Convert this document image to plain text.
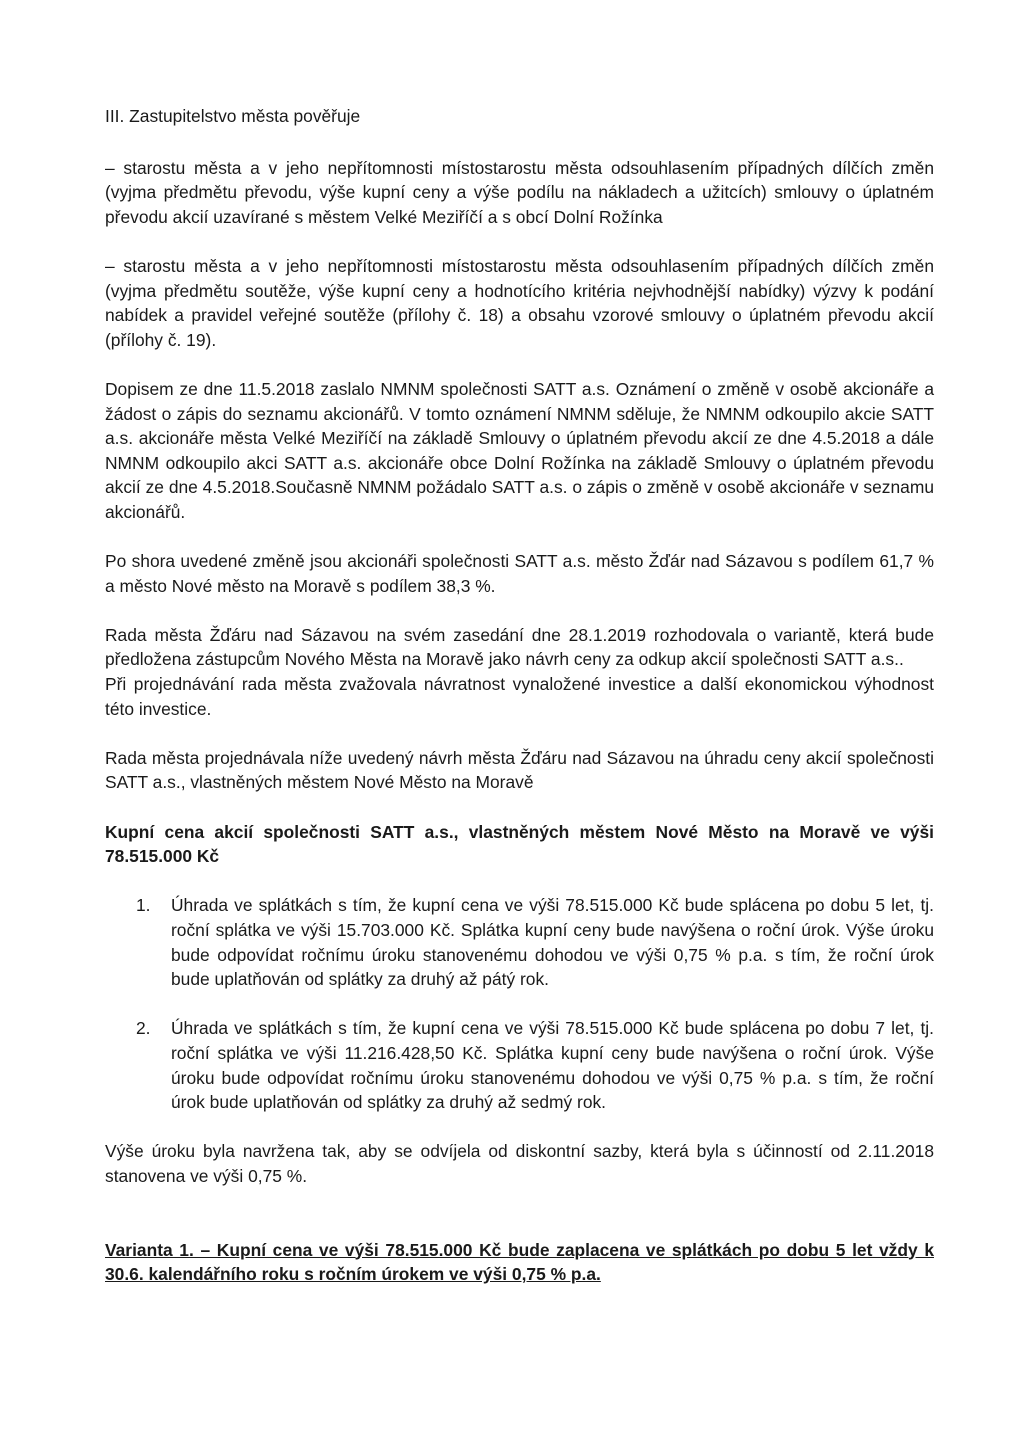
III. Zastupitelstvo města pověřuje

– starostu města a v jeho nepřítomnosti místostarostu města odsouhlasením případných dílčích změn (vyjma předmětu převodu, výše kupní ceny a výše podílu na nákladech a užitcích) smlouvy o úplatném převodu akcií uzavírané s městem Velké Meziříčí a s obcí Dolní Rožínka

– starostu města a v jeho nepřítomnosti místostarostu města odsouhlasením případných dílčích změn (vyjma předmětu soutěže, výše kupní ceny a hodnotícího kritéria nejvhodnější nabídky) výzvy k podání nabídek a pravidel veřejné soutěže (přílohy č. 18) a obsahu vzorové smlouvy o úplatném převodu akcií (přílohy č. 19).

Dopisem ze dne 11.5.2018 zaslalo NMNM společnosti SATT a.s. Oznámení o změně v osobě akcionáře a žádost o zápis do seznamu akcionářů. V tomto oznámení NMNM sděluje, že NMNM odkoupilo akcie SATT a.s. akcionáře města Velké Meziříčí na základě Smlouvy o úplatném převodu akcií ze dne 4.5.2018 a dále NMNM odkoupilo akci SATT a.s. akcionáře obce Dolní Rožínka na základě Smlouvy o úplatném převodu akcií ze dne 4.5.2018.Současně NMNM požádalo SATT a.s. o zápis o změně v osobě akcionáře v seznamu akcionářů.

Po shora uvedené změně jsou akcionáři společnosti SATT a.s. město Žďár nad Sázavou s podílem 61,7 % a město Nové město na Moravě s podílem 38,3 %.

Rada města Žďáru nad Sázavou na svém zasedání dne 28.1.2019 rozhodovala o variantě, která bude předložena zástupcům Nového Města na Moravě jako návrh ceny za odkup akcií společnosti SATT a.s..

Při projednávání rada města zvažovala návratnost vynaložené investice a další ekonomickou výhodnost této investice.

Rada města projednávala níže uvedený návrh města Žďáru nad Sázavou na úhradu ceny akcií společnosti SATT a.s., vlastněných městem Nové Město na Moravě

Kupní cena akcií společnosti SATT a.s., vlastněných městem Nové Město na Moravě ve výši 78.515.000 Kč

1. Úhrada ve splátkách s tím, že kupní cena ve výši 78.515.000 Kč bude splácena po dobu 5 let, tj. roční splátka ve výši 15.703.000 Kč. Splátka kupní ceny bude navýšena o roční úrok. Výše úroku bude odpovídat ročnímu úroku stanovenému dohodou ve výši 0,75 % p.a. s tím, že roční úrok bude uplatňován od splátky za druhý až pátý rok.
2. Úhrada ve splátkách s tím, že kupní cena ve výši 78.515.000 Kč bude splácena po dobu 7 let, tj. roční splátka ve výši 11.216.428,50 Kč. Splátka kupní ceny bude navýšena o roční úrok. Výše úroku bude odpovídat ročnímu úroku stanovenému dohodou ve výši 0,75 % p.a. s tím, že roční úrok bude uplatňován od splátky za druhý až sedmý rok.

Výše úroku byla navržena tak, aby se odvíjela od diskontní sazby, která byla s účinností od 2.11.2018 stanovena ve výši 0,75 %.

Varianta 1. – Kupní cena ve výši 78.515.000 Kč bude zaplacena ve splátkách po dobu 5 let vždy k 30.6. kalendářního roku s ročním úrokem ve výši 0,75 % p.a.
